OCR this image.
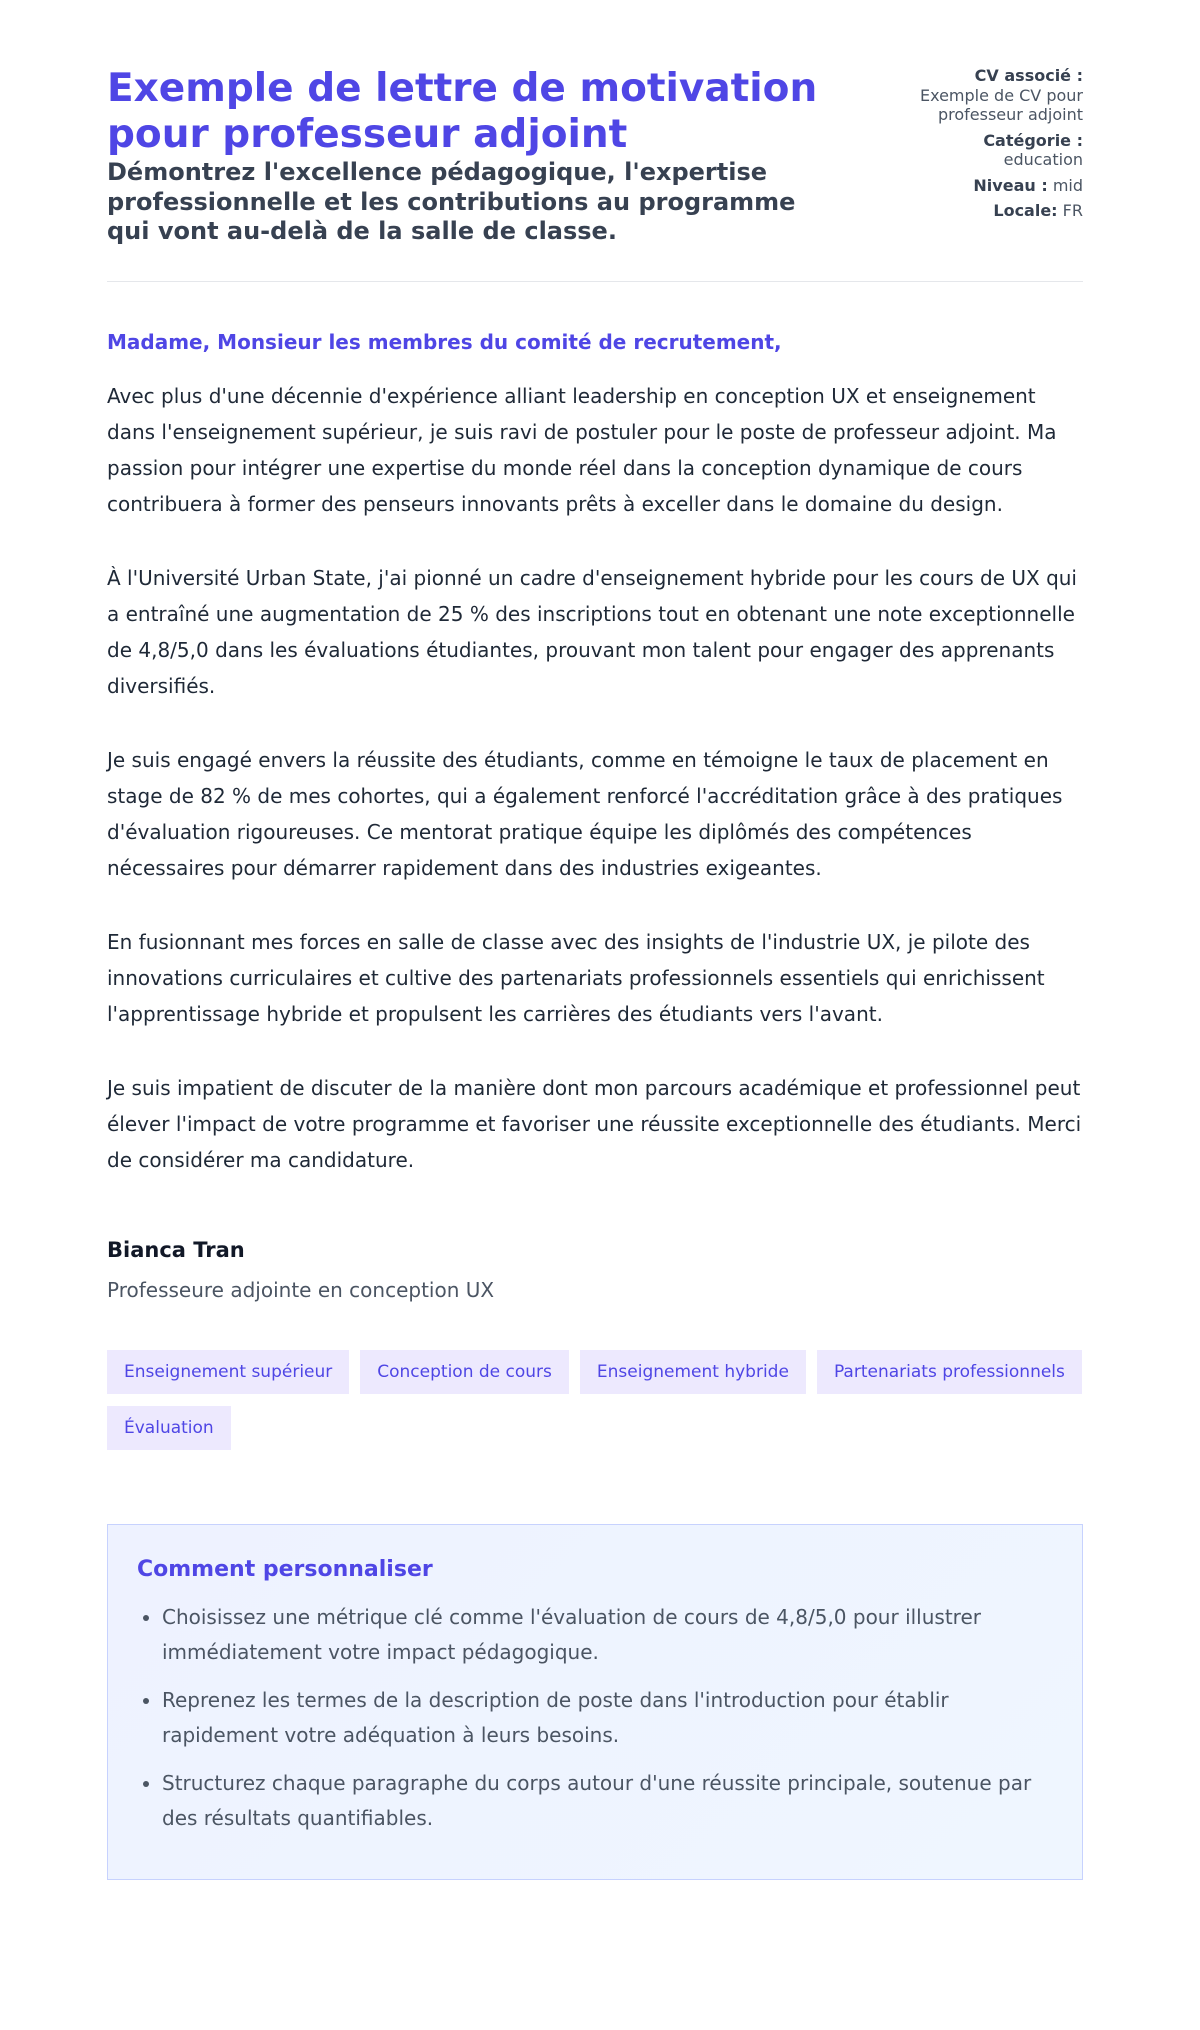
Exemple de lettre de motivation pour professeur adjoint
Démontrez l'excellence pédagogique, l'expertise professionnelle et les contributions au programme qui vont au-delà de la salle de classe.
CV associé :
Exemple de CV pour professeur adjoint
Catégorie :
education
Niveau : mid
Locale: FR
Madame, Monsieur les membres du comité de recrutement,

Avec plus d'une décennie d'expérience alliant leadership en conception UX et enseignement dans l'enseignement supérieur, je suis ravi de postuler pour le poste de professeur adjoint. Ma passion pour intégrer une expertise du monde réel dans la conception dynamique de cours contribuera à former des penseurs innovants prêts à exceller dans le domaine du design.

À l'Université Urban State, j'ai pionné un cadre d'enseignement hybride pour les cours de UX qui a entraîné une augmentation de 25 % des inscriptions tout en obtenant une note exceptionnelle de 4,8/5,0 dans les évaluations étudiantes, prouvant mon talent pour engager des apprenants diversifiés.

Je suis engagé envers la réussite des étudiants, comme en témoigne le taux de placement en stage de 82 % de mes cohortes, qui a également renforcé l'accréditation grâce à des pratiques d'évaluation rigoureuses. Ce mentorat pratique équipe les diplômés des compétences nécessaires pour démarrer rapidement dans des industries exigeantes.

En fusionnant mes forces en salle de classe avec des insights de l'industrie UX, je pilote des innovations curriculaires et cultive des partenariats professionnels essentiels qui enrichissent l'apprentissage hybride et propulsent les carrières des étudiants vers l'avant.

Je suis impatient de discuter de la manière dont mon parcours académique et professionnel peut élever l'impact de votre programme et favoriser une réussite exceptionnelle des étudiants. Merci de considérer ma candidature.

Bianca Tran
Professeure adjointe en conception UX
Enseignement supérieur	Conception de cours	Enseignement hybride	Partenariats professionnels
Évaluation
Comment personnaliser
• Choisissez une métrique clé comme l'évaluation de cours de 4,8/5,0 pour illustrer immédiatement votre impact pédagogique.
• Reprenez les termes de la description de poste dans l'introduction pour établir rapidement votre adéquation à leurs besoins.
• Structurez chaque paragraphe du corps autour d'une réussite principale, soutenue par des résultats quantifiables.
